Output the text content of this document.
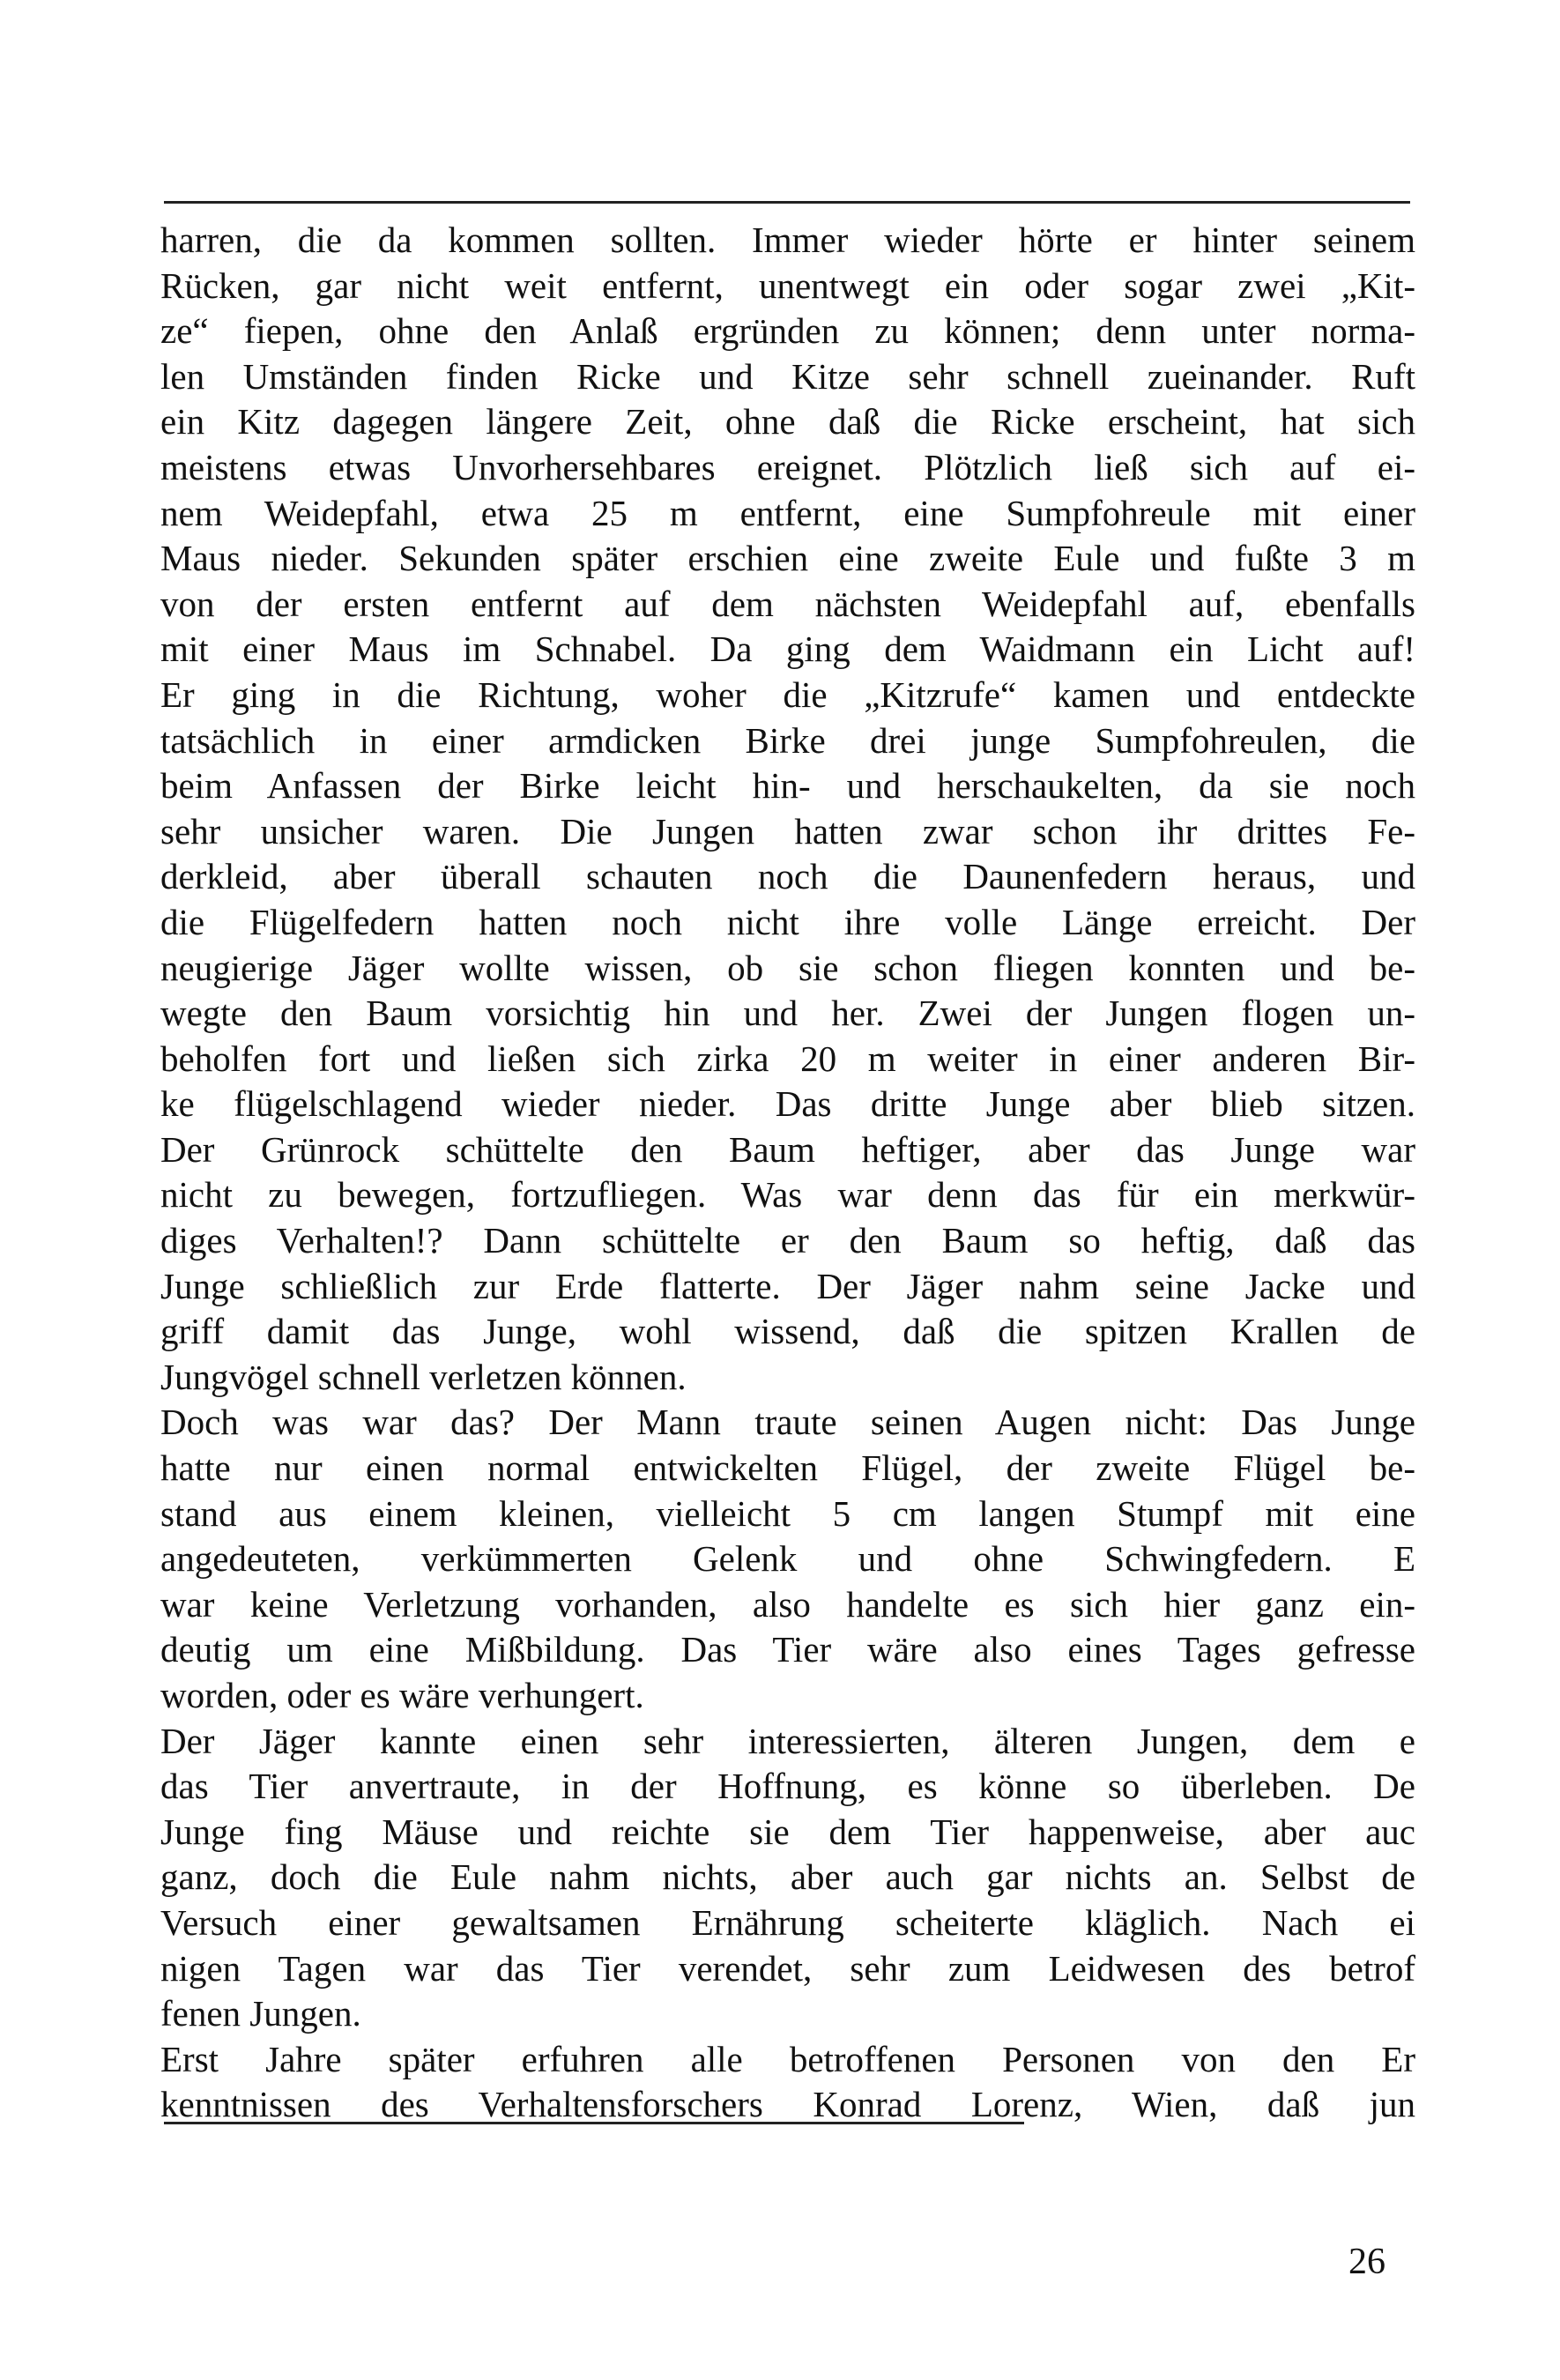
harren, die da kommen sollten. Immer wieder hörte er hinter seinem
Rücken, gar nicht weit entfernt, unentwegt ein oder sogar zwei „Kit-
ze“ fiepen, ohne den Anlaß ergründen zu können; denn unter norma-
len Umständen finden Ricke und Kitze sehr schnell zueinander. Ruft
ein Kitz dagegen längere Zeit, ohne daß die Ricke erscheint, hat sich
meistens etwas Unvorhersehbares ereignet. Plötzlich ließ sich auf ei-
nem Weidepfahl, etwa 25 m entfernt, eine Sumpfohreule mit einer
Maus nieder. Sekunden später erschien eine zweite Eule und fußte 3 m
von der ersten entfernt auf dem nächsten Weidepfahl auf, ebenfalls
mit einer Maus im Schnabel. Da ging dem Waidmann ein Licht auf!
Er ging in die Richtung, woher die „Kitzrufe“ kamen und entdeckte
tatsächlich in einer armdicken Birke drei junge Sumpfohreulen, die
beim Anfassen der Birke leicht hin- und herschaukelten, da sie noch
sehr unsicher waren. Die Jungen hatten zwar schon ihr drittes Fe-
derkleid, aber überall schauten noch die Daunenfedern heraus, und
die Flügelfedern hatten noch nicht ihre volle Länge erreicht. Der
neugierige Jäger wollte wissen, ob sie schon fliegen konnten und be-
wegte den Baum vorsichtig hin und her. Zwei der Jungen flogen un-
beholfen fort und ließen sich zirka 20 m weiter in einer anderen Bir-
ke flügelschlagend wieder nieder. Das dritte Junge aber blieb sitzen.
Der Grünrock schüttelte den Baum heftiger, aber das Junge war
nicht zu bewegen, fortzufliegen. Was war denn das für ein merkwür-
diges Verhalten!? Dann schüttelte er den Baum so heftig, daß das
Junge schließlich zur Erde flatterte. Der Jäger nahm seine Jacke und
griff damit das Junge, wohl wissend, daß die spitzen Krallen de
Jungvögel schnell verletzen können.
Doch was war das? Der Mann traute seinen Augen nicht: Das Junge
hatte nur einen normal entwickelten Flügel, der zweite Flügel be-
stand aus einem kleinen, vielleicht 5 cm langen Stumpf mit eine
angedeuteten, verkümmerten Gelenk und ohne Schwingfedern. E
war keine Verletzung vorhanden, also handelte es sich hier ganz ein-
deutig um eine Mißbildung. Das Tier wäre also eines Tages gefresse
worden, oder es wäre verhungert.
Der Jäger kannte einen sehr interessierten, älteren Jungen, dem e
das Tier anvertraute, in der Hoffnung, es könne so überleben. De
Junge fing Mäuse und reichte sie dem Tier happenweise, aber auc
ganz, doch die Eule nahm nichts, aber auch gar nichts an. Selbst de
Versuch einer gewaltsamen Ernährung scheiterte kläglich. Nach ei
nigen Tagen war das Tier verendet, sehr zum Leidwesen des betrof
fenen Jungen.
Erst Jahre später erfuhren alle betroffenen Personen von den Er
kenntnissen des Verhaltensforschers Konrad Lorenz, Wien, daß jun
26
